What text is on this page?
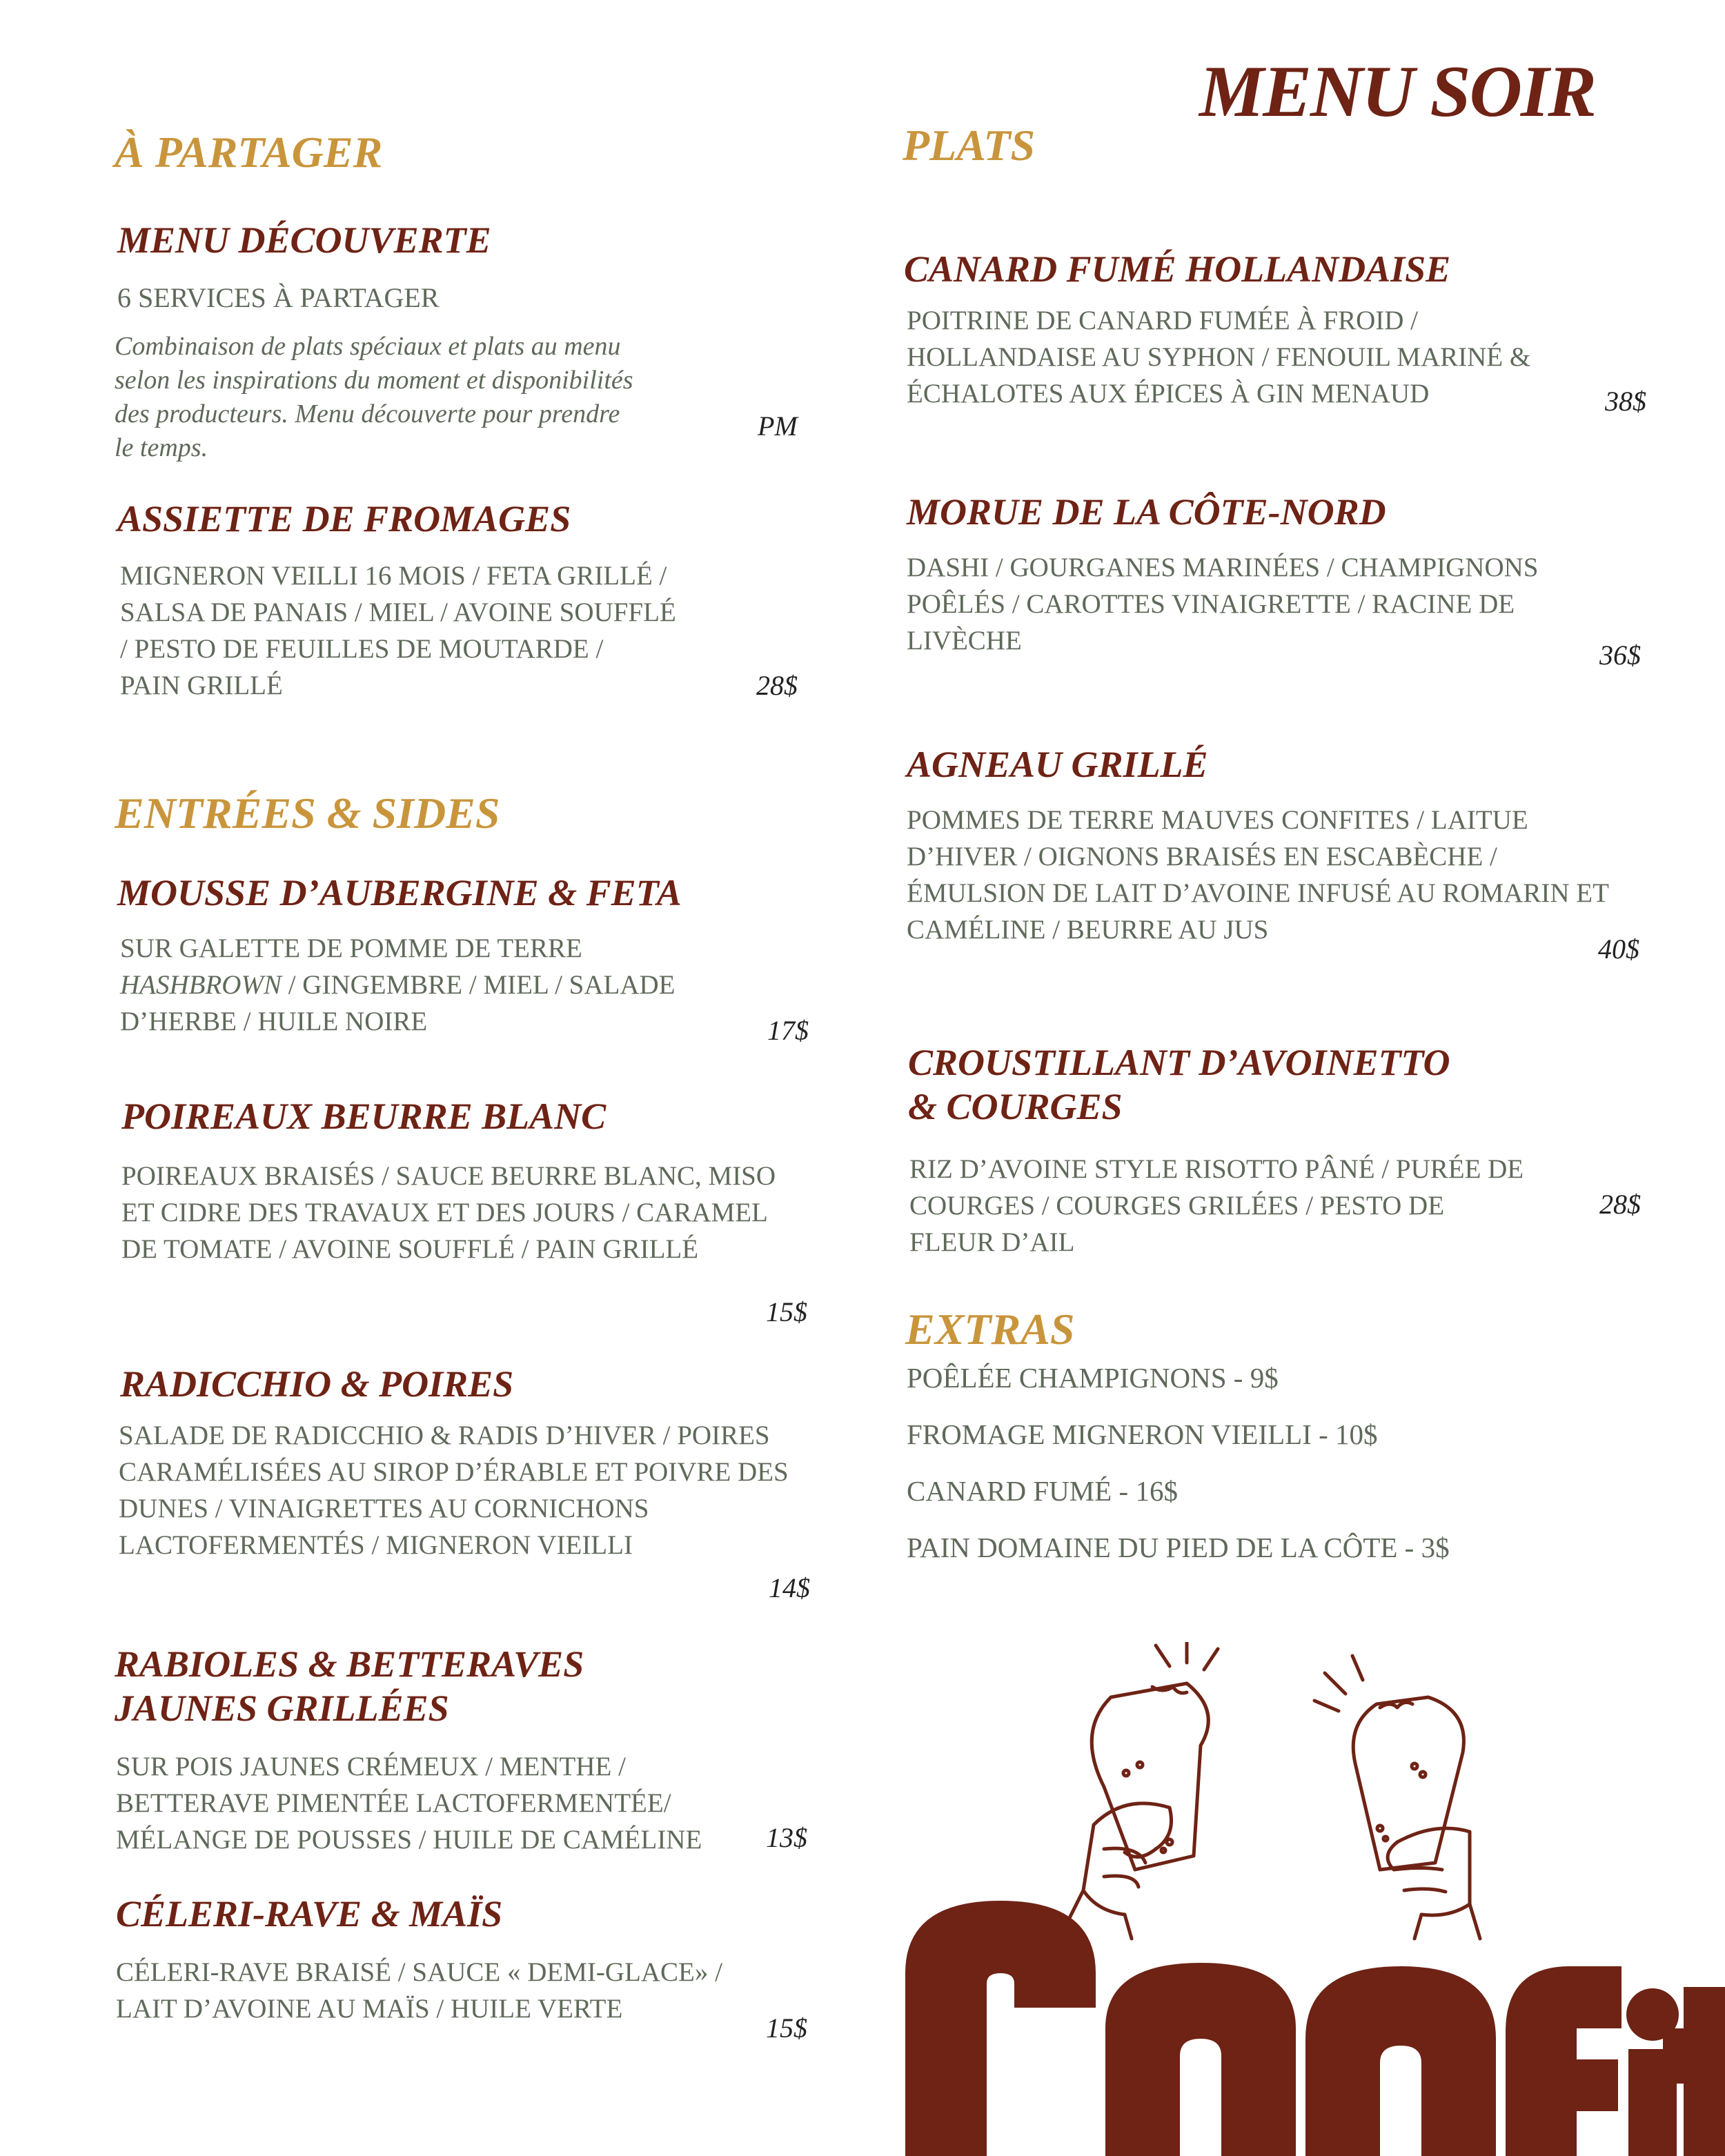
MENU SOIR
À PARTAGER
MENU DÉCOUVERTE
6 SERVICES À PARTAGER
Combinaison de plats spéciaux et plats au menu
selon les inspirations du moment et disponibilités
des producteurs. Menu découverte pour prendre
le temps.
PM
ASSIETTE DE FROMAGES
MIGNERON VEILLI 16 MOIS / FETA GRILLÉ /
SALSA DE PANAIS / MIEL / AVOINE SOUFFLÉ
/ PESTO DE FEUILLES DE MOUTARDE /
PAIN GRILLÉ	28$
ENTRÉES & SIDES
MOUSSE D’AUBERGINE & FETA
SUR GALETTE DE POMME DE TERRE
HASHBROWN / GINGEMBRE / MIEL / SALADE
D’HERBE / HUILE NOIRE	17$
POIREAUX BEURRE BLANC
POIREAUX BRAISÉS / SAUCE BEURRE BLANC, MISO
ET CIDRE DES TRAVAUX ET DES JOURS / CARAMEL
DE TOMATE / AVOINE SOUFFLÉ / PAIN GRILLÉ
15$
RADICCHIO & POIRES
SALADE DE RADICCHIO & RADIS D’HIVER / POIRES
CARAMÉLISÉES AU SIROP D’ÉRABLE ET POIVRE DES
DUNES / VINAIGRETTES AU CORNICHONS
LACTOFERMENTÉS / MIGNERON VIEILLI
14$
RABIOLES & BETTERAVES
JAUNES GRILLÉES
SUR POIS JAUNES CRÉMEUX / MENTHE /
BETTERAVE PIMENTÉE LACTOFERMENTÉE/
MÉLANGE DE POUSSES / HUILE DE CAMÉLINE 13$
CÉLERI-RAVE & MAÏS
CÉLERI-RAVE BRAISÉ / SAUCE « DEMI-GLACE» /
LAIT D’AVOINE AU MAÏS / HUILE VERTE
15$
PLATS
CANARD FUMÉ HOLLANDAISE
POITRINE DE CANARD FUMÉE À FROID /
HOLLANDAISE AU SYPHON / FENOUIL MARINÉ &
ÉCHALOTES AUX ÉPICES À GIN MENAUD	38$
MORUE DE LA CÔTE-NORD
DASHI / GOURGANES MARINÉES / CHAMPIGNONS
POÊLÉS / CAROTTES VINAIGRETTE / RACINE DE
LIVÈCHE	36$
AGNEAU GRILLÉ
POMMES DE TERRE MAUVES CONFITES / LAITUE
D’HIVER / OIGNONS BRAISÉS EN ESCABÈCHE /
ÉMULSION DE LAIT D’AVOINE INFUSÉ AU ROMARIN ET
CAMÉLINE / BEURRE AU JUS
40$
CROUSTILLANT D’AVOINETTO
& COURGES
RIZ D’AVOINE STYLE RISOTTO PÂNÉ / PURÉE DE
COURGES / COURGES GRILÉES / PESTO DE
FLEUR D’AIL
28$
EXTRAS
POÊLÉE CHAMPIGNONS - 9$
FROMAGE MIGNERON VIEILLI - 10$
CANARD FUMÉ - 16$
PAIN DOMAINE DU PIED DE LA CÔTE - 3$
CONFIT
